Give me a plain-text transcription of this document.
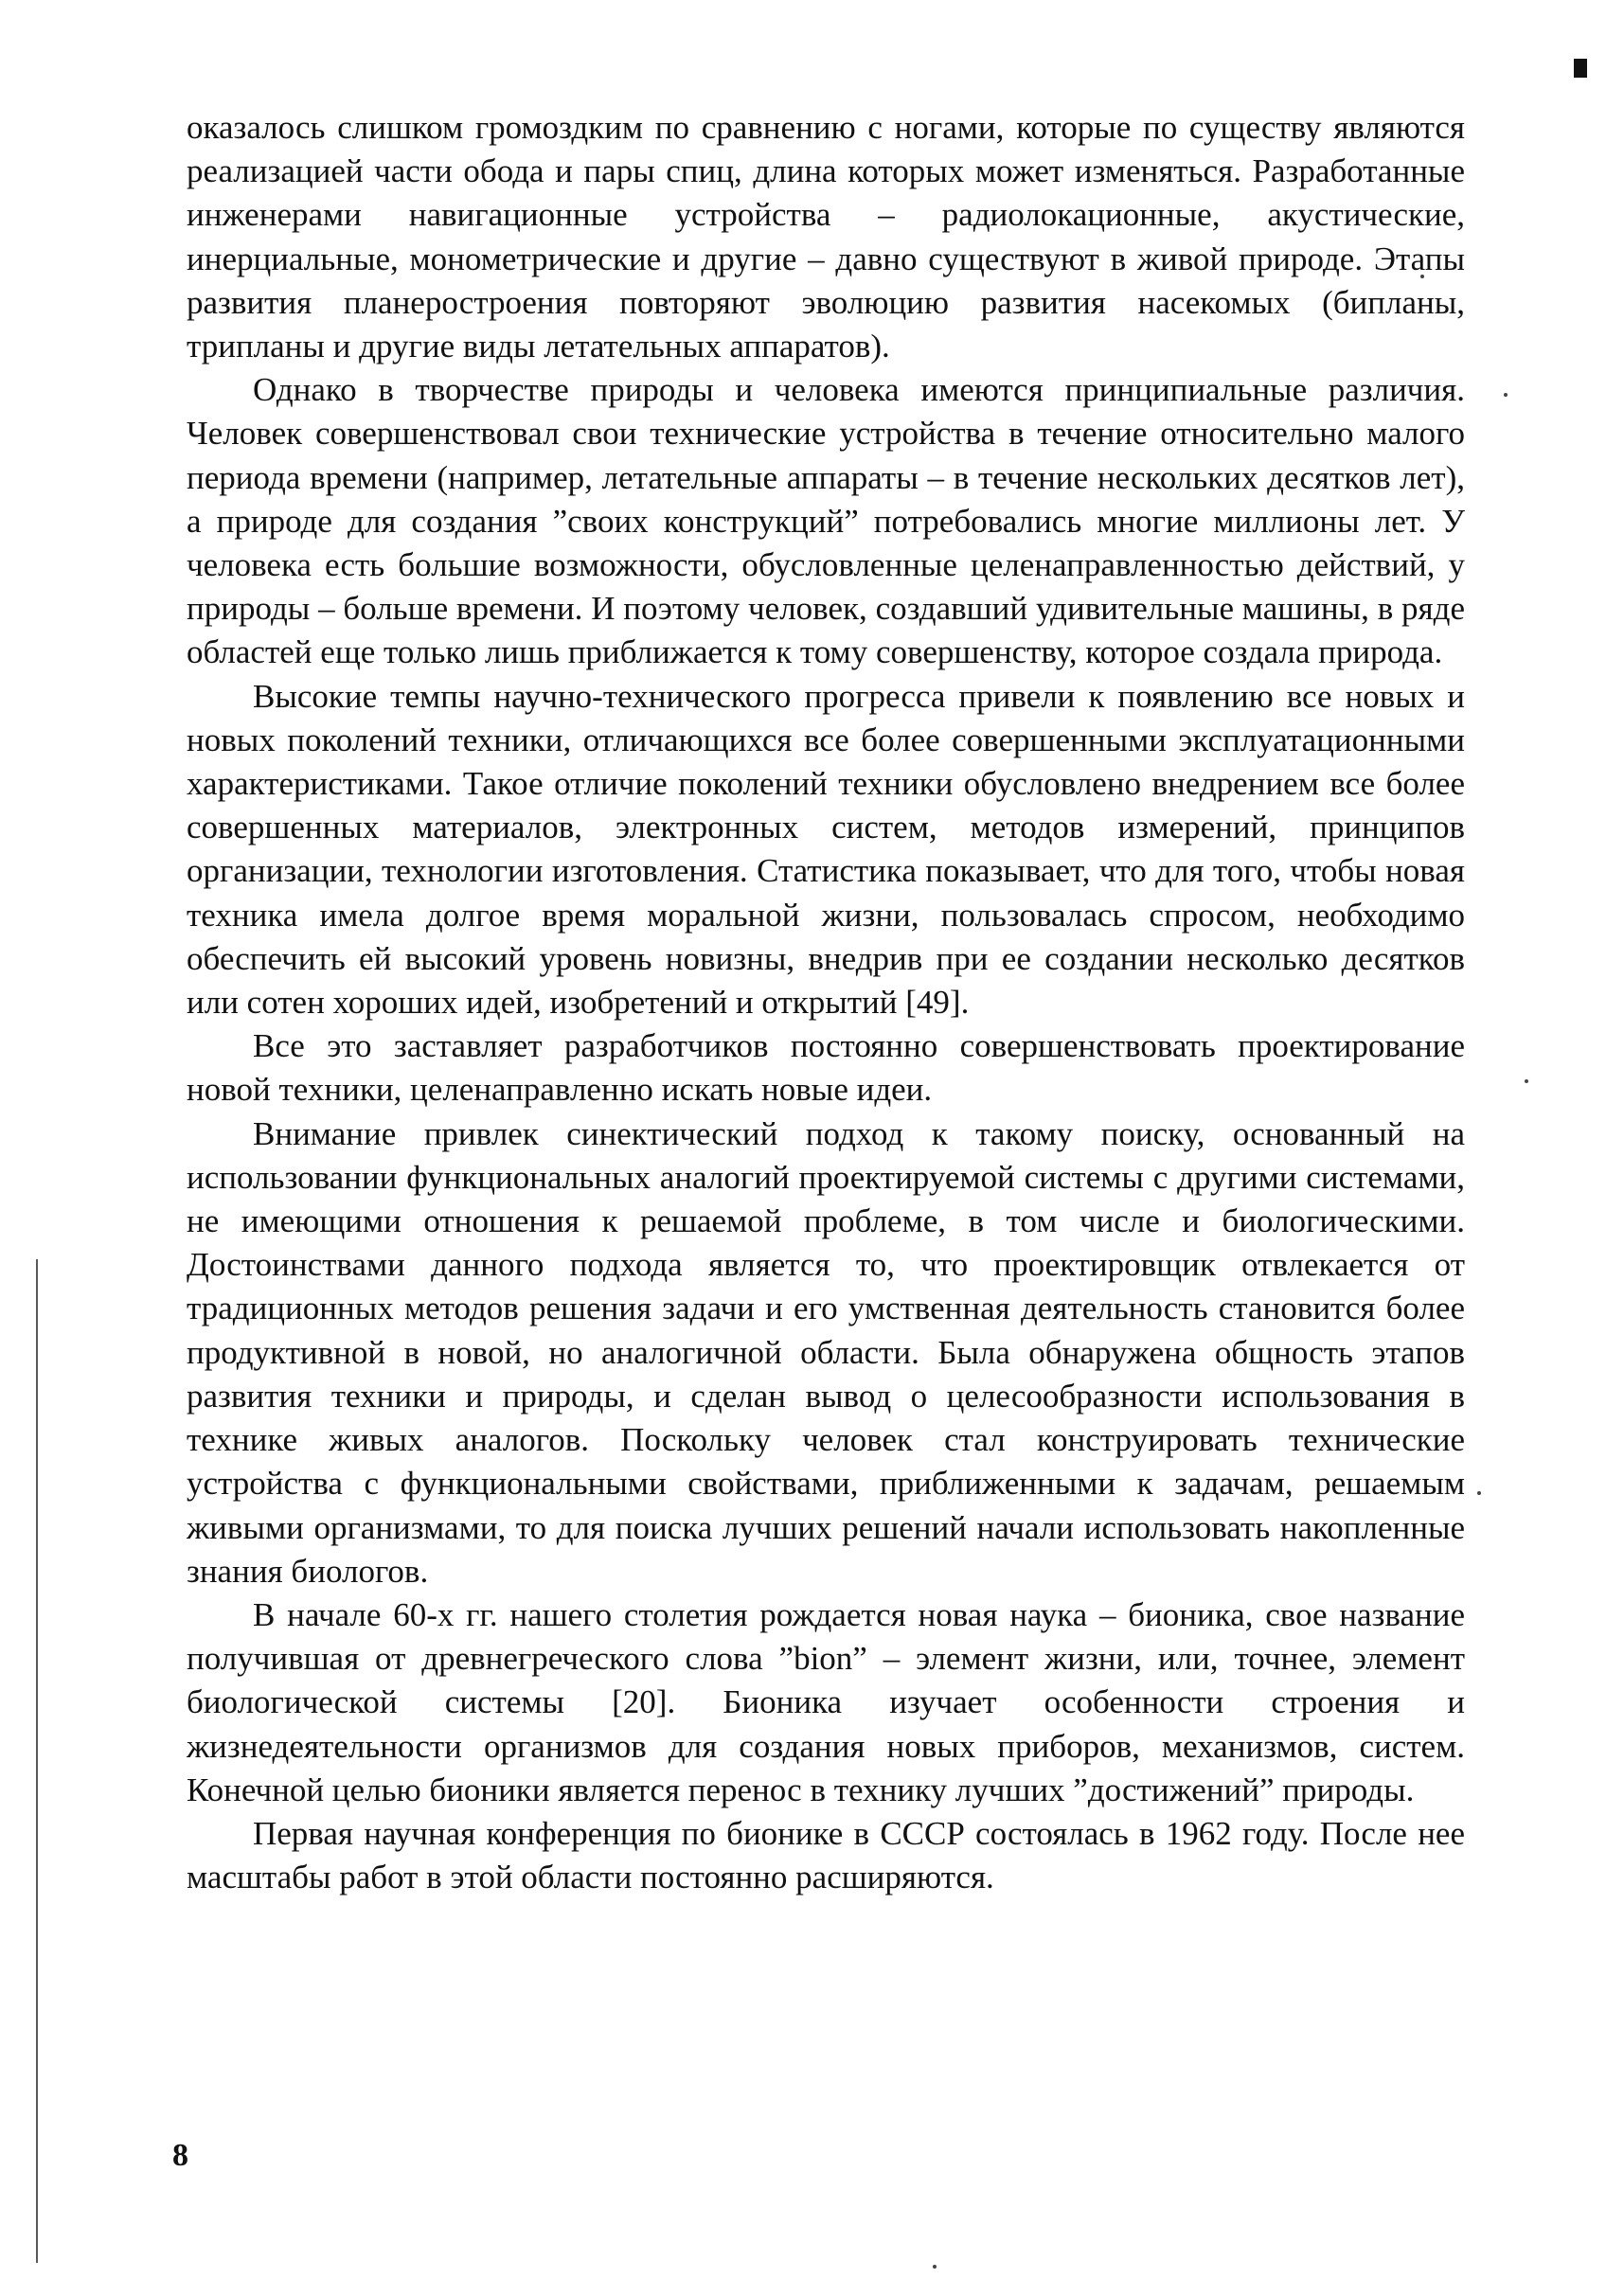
оказалось слишком громоздким по сравнению с ногами, которые по существу являются реализацией части обода и пары спиц, длина которых может изменяться. Разработанные инженерами навигационные устройства – радиолокационные, акустические, инерциальные, монометрические и другие – давно существуют в живой природе. Этапы развития планеростроения повторяют эволюцию развития насекомых (бипланы, трипланы и другие виды летательных аппаратов).

Однако в творчестве природы и человека имеются принципиальные различия. Человек совершенствовал свои технические устройства в течение относительно малого периода времени (например, летательные аппараты – в течение нескольких десятков лет), а природе для создания ”своих конструкций” потребовались многие миллионы лет. У человека есть большие возможности, обусловленные целенаправленностью действий, у природы – больше времени. И поэтому человек, создавший удивительные машины, в ряде областей еще только лишь приближается к тому совершенству, которое создала природа.

Высокие темпы научно-технического прогресса привели к появлению все новых и новых поколений техники, отличающихся все более совершенными эксплуатационными характеристиками. Такое отличие поколений техники обусловлено внедрением все более совершенных материалов, электронных систем, методов измерений, принципов организации, технологии изготовления. Статистика показывает, что для того, чтобы новая техника имела долгое время моральной жизни, пользовалась спросом, необходимо обеспечить ей высокий уровень новизны, внедрив при ее создании несколько десятков или сотен хороших идей, изобретений и открытий [49].

Все это заставляет разработчиков постоянно совершенствовать проектирование новой техники, целенаправленно искать новые идеи.

Внимание привлек синектический подход к такому поиску, основанный на использовании функциональных аналогий проектируемой системы с другими системами, не имеющими отношения к решаемой проблеме, в том числе и биологическими. Достоинствами данного подхода является то, что проектировщик отвлекается от традиционных методов решения задачи и его умственная деятельность становится более продуктивной в новой, но аналогичной области. Была обнаружена общность этапов развития техники и природы, и сделан вывод о целесообразности использования в технике живых аналогов. Поскольку человек стал конструировать технические устройства с функциональными свойствами, приближенными к задачам, решаемым живыми организмами, то для поиска лучших решений начали использовать накопленные знания биологов.

В начале 60-х гг. нашего столетия рождается новая наука – бионика, свое название получившая от древнегреческого слова ”bion” – элемент жизни, или, точнее, элемент биологической системы [20]. Бионика изучает особенности строения и жизнедеятельности организмов для создания новых приборов, механизмов, систем. Конечной целью бионики является перенос в технику лучших ”достижений” природы.

Первая научная конференция по бионике в СССР состоялась в 1962 году. После нее масштабы работ в этой области постоянно расширяются.

8
